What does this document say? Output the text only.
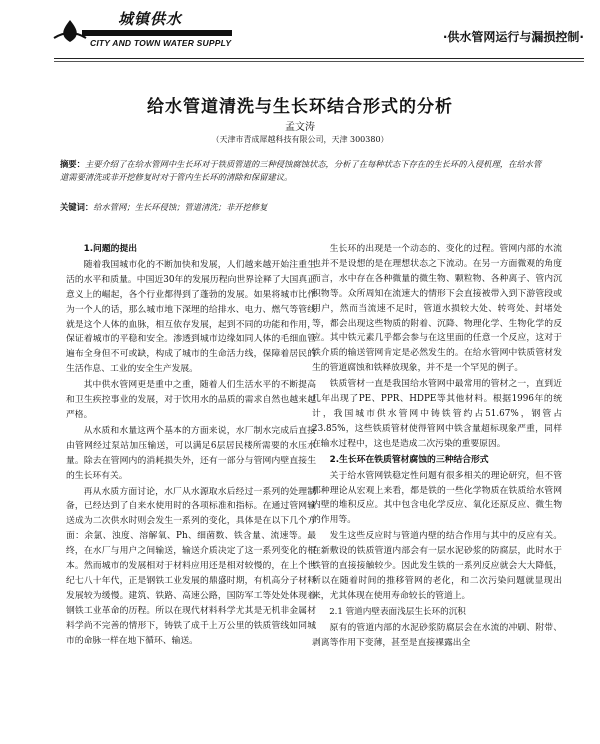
城镇供水
CITY AND TOWN WATER SUPPLY	·供水管网运行与漏损控制·
给水管道清洗与生长环结合形式的分析
孟文涛
（天津市青成犀越科技有限公司，天津 300380）
摘要：主要介绍了在给水管网中生长环对于铁质管道的三种侵蚀腐蚀状态，分析了在每种状态下存在的生长环的入侵机理，在给水管道需要清洗或非开挖修复时对于管内生长环的清除和保留建议。
关键词：给水管网；生长环侵蚀；管道清洗；非开挖修复

1.问题的提出

随着我国城市化的不断加快和发展，人们越来越开始注重生活的水平和质量。中国近30年的发展历程向世界诠释了大国真正意义上的崛起，各个行业都得到了蓬勃的发展。如果将城市比作为一个人的话，那么城市地下深埋的给排水、电力、燃气等管线就是这个人体的血脉，相互依存发展，起到不同的功能和作用，保证着城市的平稳和安全。渗透到城市边缘如同人体的毛细血管遍布全身但不可或缺，构成了城市的生命活力线，保障着居民的生活作息、工业的安全生产发展。

其中供水管网更是重中之重，随着人们生活水平的不断提高和卫生疾控事业的发展，对于饮用水的品质的需求自然也越来越严格。

从水质和水量这两个基本的方面来说，水厂制水完成后直接由管网经过泵站加压输送，可以满足6层居民楼所需要的水压水量。除去在管网内的消耗损失外，还有一部分与管网内壁直接生的生长环有关。

再从水质方面讨论，水厂从水源取水后经过一系列的处理制备，已经达到了自来水使用时的各项标准和指标。在通过管网输送成为二次供水时则会发生一系列的变化，具体是在以下几个方面：余氯、浊度、溶解氧、Ph、细菌数、铁含量、流速等。最终，在水厂与用户之间输送，输送介质决定了这一系列变化的根本。然而城市的发展相对于材料应用还是相对较慢的，在上个世纪七八十年代，正是钢铁工业发展的鼎盛时期，有机高分子材料发展较为缓慢。建筑、铁路、高速公路，国防军工等处处体现着钢铁工业革命的历程。所以在现代材料科学尤其是无机非金属材料学尚不完善的情形下，铸铁了成千上万公里的铁质管线如同城市的命脉一样在地下循环、输送。

生长环的出现是一个动态的、变化的过程。管网内部的水流也并不是设想的是在理想状态之下流动。在另一方面微观的角度而言，水中存在各种微量的微生物、颗粒物、各种离子、管内沉积物等。众所周知在流速大的情形下会直接被带入到下游管段或用户，然而当流速不足时，管道水损较大处、转弯处、封堵处等，都会出现这些物质的附着、沉降、物理化学、生物化学的反应。其中铁元素几乎都会参与在这里面的任意一个反应，这对于铁介质的输送管网肯定是必然发生的。在给水管网中铁质管材发生的管道腐蚀和铁释放现象，并不是一个罕见的例子。

铁质管材一直是我国给水管网中最常用的管材之一，直到近几年出现了PE、PPR、HDPE等其他材料。根据1996年的统计，我国城市供水管网中铸铁管约占51.67%，钢管占23.85%，这些铁质管材使得管网中铁含量超标现象严重，同样在输水过程中，这也是造成二次污染的重要原因。

2.生长环在铁质管材腐蚀的三种结合形式

关于给水管网铁稳定性问题有很多相关的理论研究，但不管那种理论从宏观上来看，都是铁的一些化学物质在铁质给水管网内壁的堆积反应。其中包含电化学反应、氧化还原反应、微生物的作用等。

发生这些反应时与管道内壁的结合作用与其中的反应有关。在新敷设的铁质管道内部会有一层水泥砂浆的防腐层，此时水于铁管的直接接触较少。因此发生铁的一系列反应就会大大降低，所以在随着时间的推移管网的老化，和二次污染问题就显现出来，尤其体现在使用寿命较长的管道上。

2.1 管道内壁表面浅层生长环的沉积

原有的管道内部的水泥砂浆防腐层会在水流的冲刷、附带、剥离等作用下变薄，甚至是直接裸露出全
